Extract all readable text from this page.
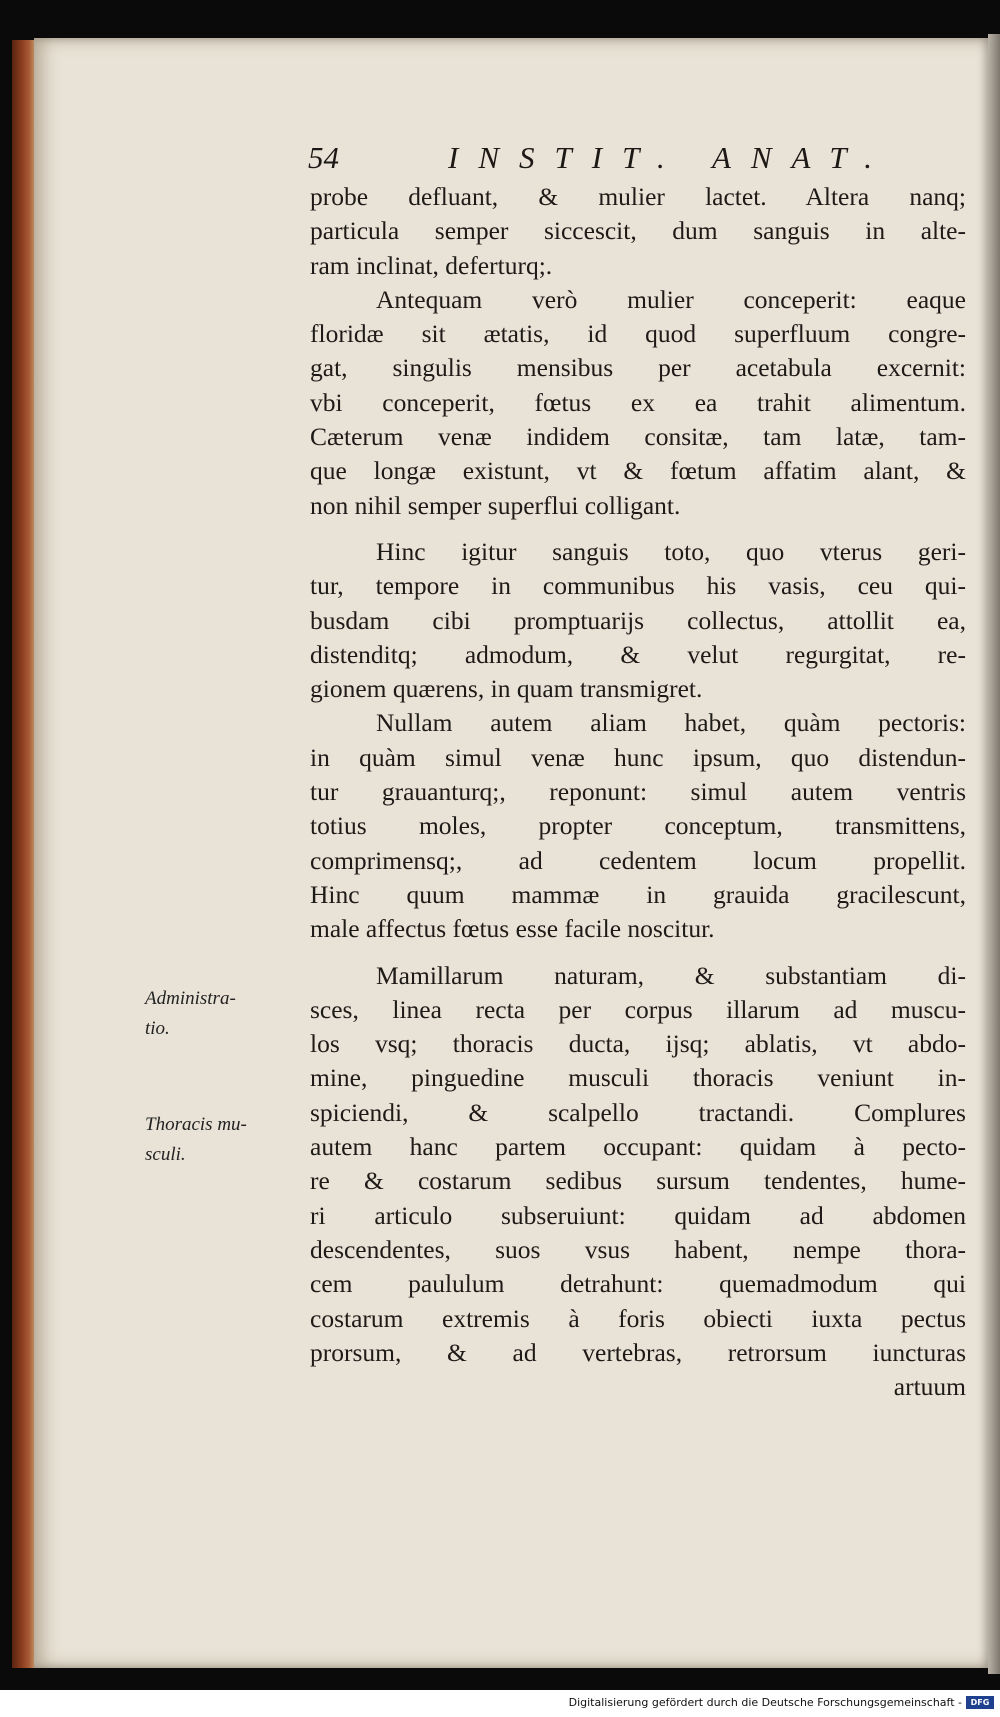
54	INSTIT. ANAT.
probe defluant, & mulier lactet. Altera nanq;
particula semper siccescit, dum sanguis in alte-
ram inclinat, deferturq;.
Antequam verò mulier conceperit: eaque
floridæ sit ætatis, id quod superfluum congre-
gat, singulis mensibus per acetabula excernit:
vbi conceperit, fœtus ex ea trahit alimentum.
Cæterum venæ indidem consitæ, tam latæ, tam-
que longæ existunt, vt & fœtum affatim alant, &
non nihil semper superflui colligant.
Hinc igitur sanguis toto, quo vterus geri-
tur, tempore in communibus his vasis, ceu qui-
busdam cibi promptuarijs collectus, attollit ea,
distenditq; admodum, & velut regurgitat, re-
gionem quærens, in quam transmigret.
Nullam autem aliam habet, quàm pectoris:
in quàm simul venæ hunc ipsum, quo distendun-
tur grauanturq;, reponunt: simul autem ventris
totius moles, propter conceptum, transmittens,
comprimensq;, ad cedentem locum propellit.
Hinc quum mammæ in grauida gracilescunt,
male affectus fœtus esse facile noscitur.
Mamillarum naturam, & substantiam di-
sces, linea recta per corpus illarum ad muscu-
los vsq; thoracis ducta, ijsq; ablatis, vt abdo-
mine, pinguedine musculi thoracis veniunt in-
spiciendi, & scalpello tractandi. Complures
autem hanc partem occupant: quidam à pecto-
re & costarum sedibus sursum tendentes, hume-
ri articulo subseruiunt: quidam ad abdomen
descendentes, suos vsus habent, nempe thora-
cem paululum detrahunt: quemadmodum qui
costarum extremis à foris obiecti iuxta pectus
prorsum, & ad vertebras, retrorsum iuncturas
artuum
Administra-
tio.
Thoracis mu-
sculi.
Digitalisierung gefördert durch die Deutsche Forschungsgemeinschaft -	DFG
